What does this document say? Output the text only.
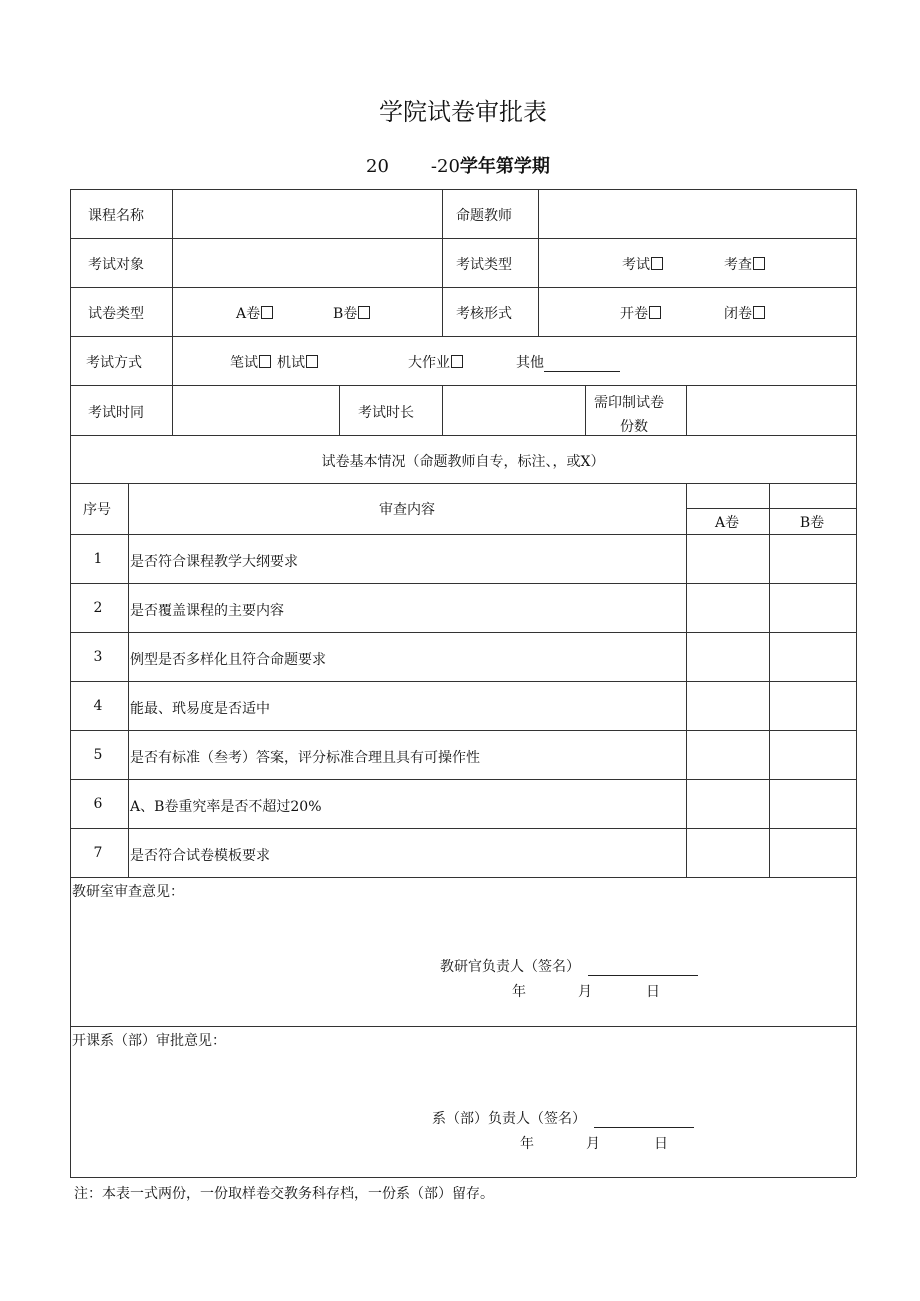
学院试卷审批表
20 -20学年第学期
课程名称	命题教师
考试对象	考试类型	考试	考查
试卷类型	A卷	B卷	考核形式	开卷	闭卷
考试方式	笔试	机试	大作业	其他
考试时同	考试时长
需印制试卷
份数
试卷基本情况（命题教师自专，标注、，或X）
序号	审查内容
A卷	B卷
1 是否符合课程教学大纲要求
2 是否覆盖课程的主要内容
3 例型是否多样化且符合命题要求
4 能最、玳易度是否适中
5 是否有标准（叁考）答案，评分标准合理且具有可操作性
6 A、B卷重究率是否不超过20%
7 是否符合试卷模板要求
教研室审查意见：
教研官负责人（签名）
年	月	日
开课系（部）审批意见：
系（部）负责人（签名）
年	月	日
注：本表一式两份，一份取样卷交教务科存档，一份系（部）留存。
